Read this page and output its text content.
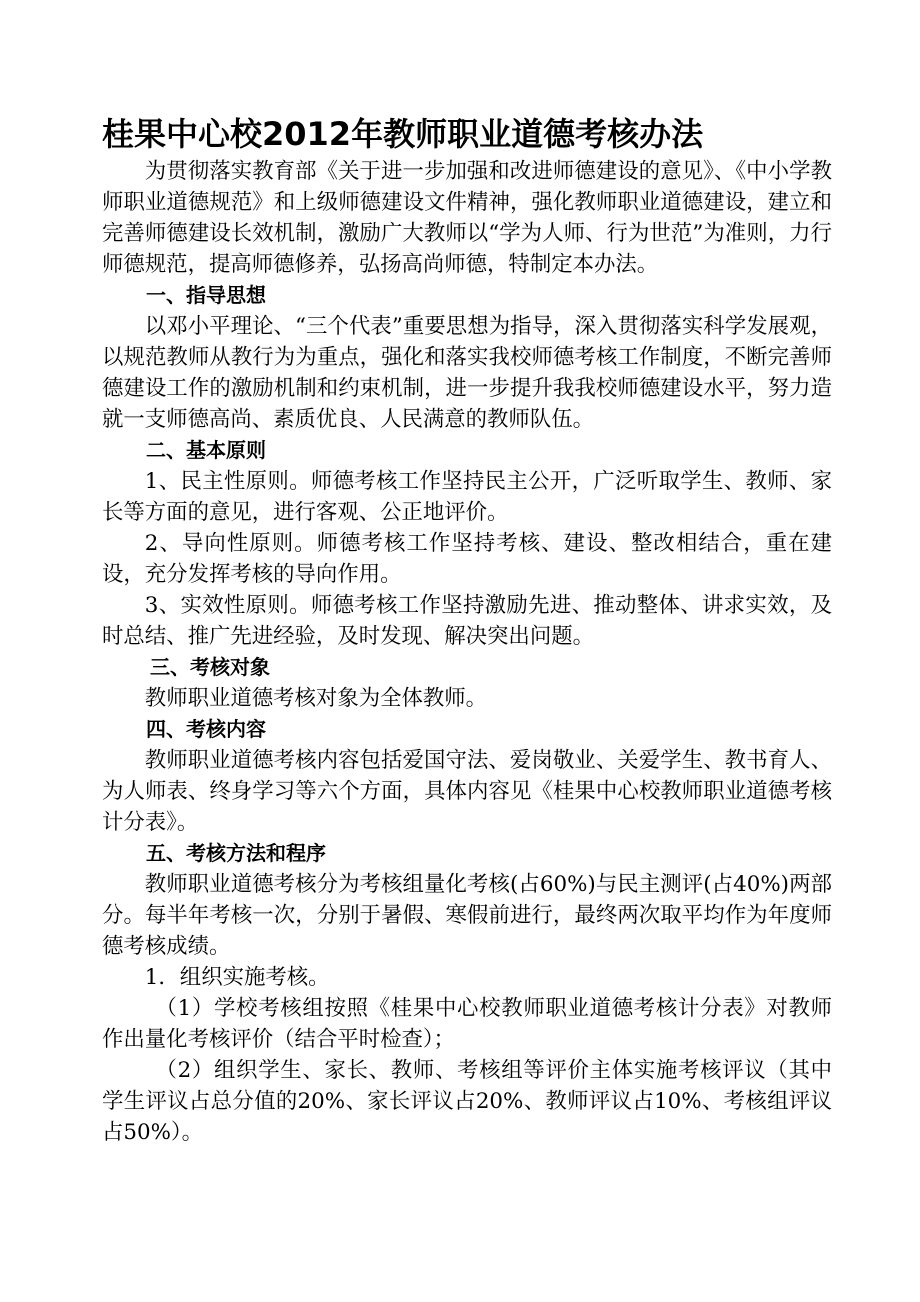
桂果中心校2012年教师职业道德考核办法

为贯彻落实教育部《关于进一步加强和改进师德建设的意见》、《中小学教师职业道德规范》和上级师德建设文件精神，强化教师职业道德建设，建立和完善师德建设长效机制，激励广大教师以“学为人师、行为世范”为准则，力行师德规范，提高师德修养，弘扬高尚师德，特制定本办法。

一、指导思想

以邓小平理论、“三个代表”重要思想为指导，深入贯彻落实科学发展观，以规范教师从教行为为重点，强化和落实我校师德考核工作制度，不断完善师德建设工作的激励机制和约束机制，进一步提升我我校师德建设水平，努力造就一支师德高尚、素质优良、人民满意的教师队伍。

二、基本原则

1、民主性原则。师德考核工作坚持民主公开，广泛听取学生、教师、家长等方面的意见，进行客观、公正地评价。

2、导向性原则。师德考核工作坚持考核、建设、整改相结合，重在建设，充分发挥考核的导向作用。

3、实效性原则。师德考核工作坚持激励先进、推动整体、讲求实效，及时总结、推广先进经验，及时发现、解决突出问题。

三、考核对象

教师职业道德考核对象为全体教师。

四、考核内容

教师职业道德考核内容包括爱国守法、爱岗敬业、关爱学生、教书育人、为人师表、终身学习等六个方面，具体内容见《桂果中心校教师职业道德考核计分表》。

五、考核方法和程序

教师职业道德考核分为考核组量化考核(占60%)与民主测评(占40%)两部分。每半年考核一次，分别于暑假、寒假前进行，最终两次取平均作为年度师德考核成绩。

1．组织实施考核。

（1）学校考核组按照《桂果中心校教师职业道德考核计分表》对教师作出量化考核评价（结合平时检查）；

（2）组织学生、家长、教师、考核组等评价主体实施考核评议（其中学生评议占总分值的20%、家长评议占20%、教师评议占10%、考核组评议占50%）。
